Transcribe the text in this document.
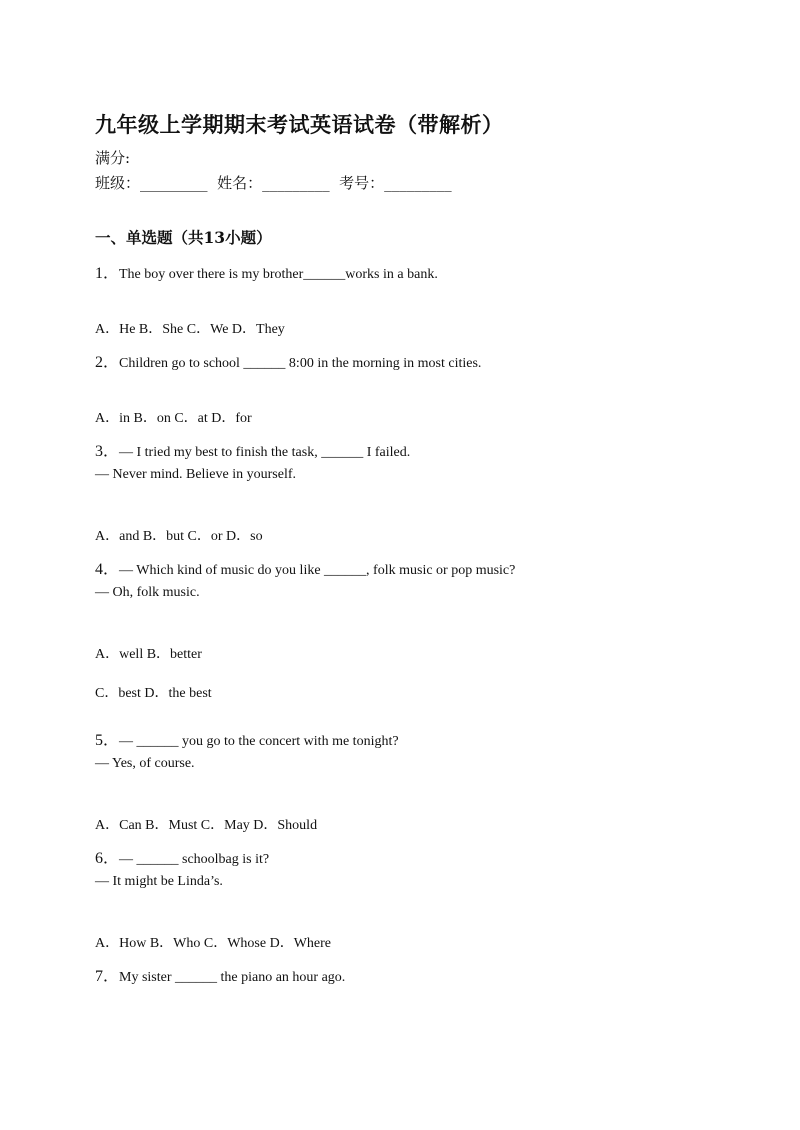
九年级上学期期末考试英语试卷（带解析）
满分:
班级：_________ 姓名：_________ 考号：_________
一、单选题（共13小题）
1．The boy over there is my brother______works in a bank.
A．He B．She C．We D．They
2．Children go to school ______ 8:00 in the morning in most cities.
A．in B．on C．at D．for
3．— I tried my best to finish the task, ______ I failed.
— Never mind. Believe in yourself.
A．and B．but C．or D．so
4．— Which kind of music do you like ______, folk music or pop music?
— Oh, folk music.
A．well B．better
C．best D．the best
5．— ______ you go to the concert with me tonight?
— Yes, of course.
A．Can B．Must C．May D．Should
6．— ______ schoolbag is it?
— It might be Linda’s.
A．How B．Who C．Whose D．Where
7．My sister ______ the piano an hour ago.
